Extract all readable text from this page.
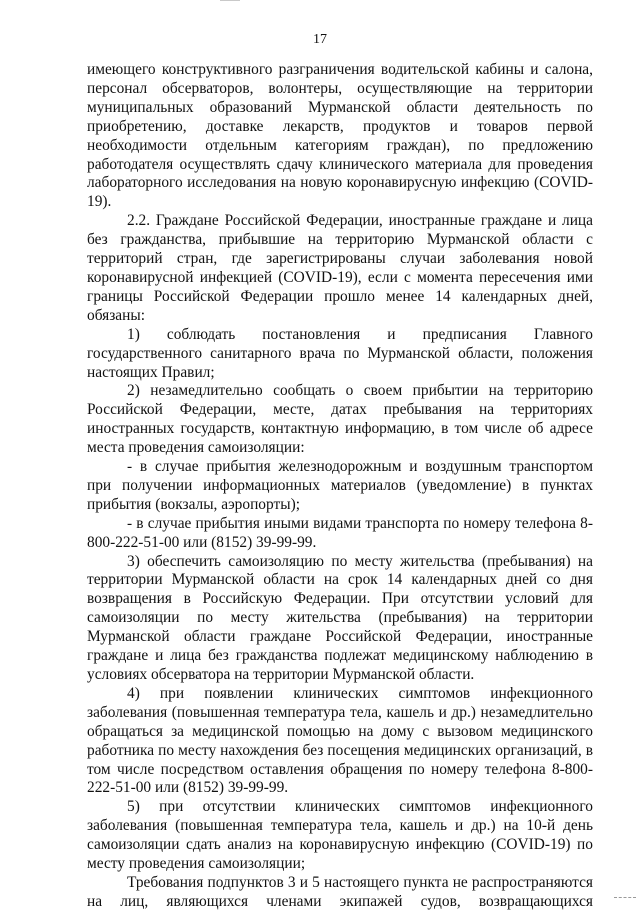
17

имеющего конструктивного разграничения водительской кабины и салона, персонал обсерваторов, волонтеры, осуществляющие на территории муниципальных образований Мурманской области деятельность по приобретению, доставке лекарств, продуктов и товаров первой необходимости отдельным категориям граждан), по предложению работодателя осуществлять сдачу клинического материала для проведения лабораторного исследования на новую коронавирусную инфекцию (COVID-19).

2.2. Граждане Российской Федерации, иностранные граждане и лица без гражданства, прибывшие на территорию Мурманской области с территорий стран, где зарегистрированы случаи заболевания новой коронавирусной инфекцией (COVID-19), если с момента пересечения ими границы Российской Федерации прошло менее 14 календарных дней, обязаны:

1) соблюдать постановления и предписания Главного государственного санитарного врача по Мурманской области, положения настоящих Правил;

2) незамедлительно сообщать о своем прибытии на территорию Российской Федерации, месте, датах пребывания на территориях иностранных государств, контактную информацию, в том числе об адресе места проведения самоизоляции:

- в случае прибытия железнодорожным и воздушным транспортом при получении информационных материалов (уведомление) в пунктах прибытия (вокзалы, аэропорты);

- в случае прибытия иными видами транспорта по номеру телефона 8-800-222-51-00 или (8152) 39-99-99.

3) обеспечить самоизоляцию по месту жительства (пребывания) на территории Мурманской области на срок 14 календарных дней со дня возвращения в Российскую Федерации. При отсутствии условий для самоизоляции по месту жительства (пребывания) на территории Мурманской области граждане Российской Федерации, иностранные граждане и лица без гражданства подлежат медицинскому наблюдению в условиях обсерватора на территории Мурманской области.

4) при появлении клинических симптомов инфекционного заболевания (повышенная температура тела, кашель и др.) незамедлительно обращаться за медицинской помощью на дому с вызовом медицинского работника по месту нахождения без посещения медицинских организаций, в том числе посредством оставления обращения по номеру телефона 8-800-222-51-00 или (8152) 39-99-99.

5) при отсутствии клинических симптомов инфекционного заболевания (повышенная температура тела, кашель и др.) на 10-й день самоизоляции сдать анализ на коронавирусную инфекцию (COVID-19) по месту проведения самоизоляции;

Требования подпунктов 3 и 5 настоящего пункта не распространяются на лиц, являющихся членами экипажей судов, возвращающихся
